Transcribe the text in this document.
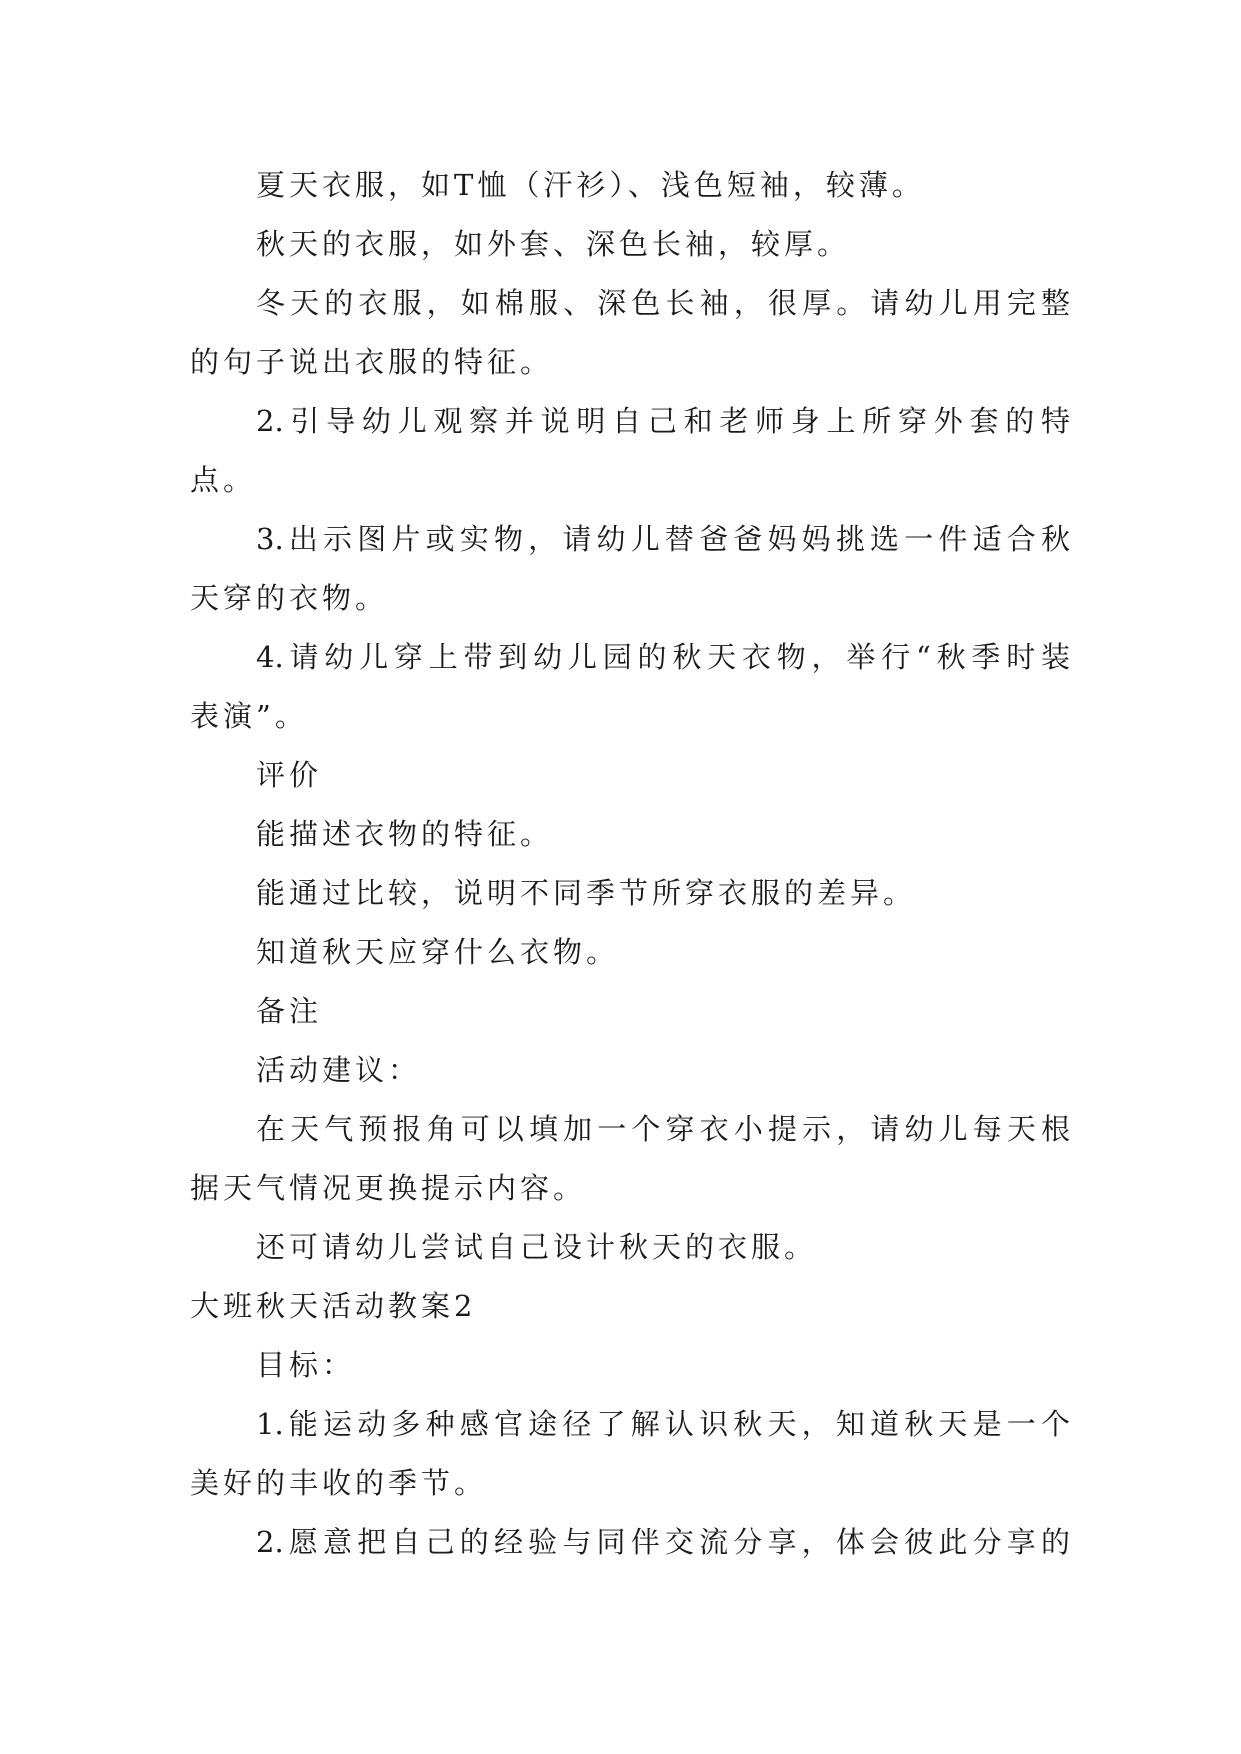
夏天衣服，如T恤（汗衫）、浅色短袖，较薄。
秋天的衣服，如外套、深色长袖，较厚。
冬天的衣服，如棉服、深色长袖，很厚。请幼儿用完整
的句子说出衣服的特征。
2.引导幼儿观察并说明自己和老师身上所穿外套的特
点。
3.出示图片或实物，请幼儿替爸爸妈妈挑选一件适合秋
天穿的衣物。
4.请幼儿穿上带到幼儿园的秋天衣物，举行“秋季时装
表演”。
评价
能描述衣物的特征。
能通过比较，说明不同季节所穿衣服的差异。
知道秋天应穿什么衣物。
备注
活动建议：
在天气预报角可以填加一个穿衣小提示，请幼儿每天根
据天气情况更换提示内容。
还可请幼儿尝试自己设计秋天的衣服。
大班秋天活动教案2
目标：
1.能运动多种感官途径了解认识秋天，知道秋天是一个
美好的丰收的季节。
2.愿意把自己的经验与同伴交流分享，体会彼此分享的
